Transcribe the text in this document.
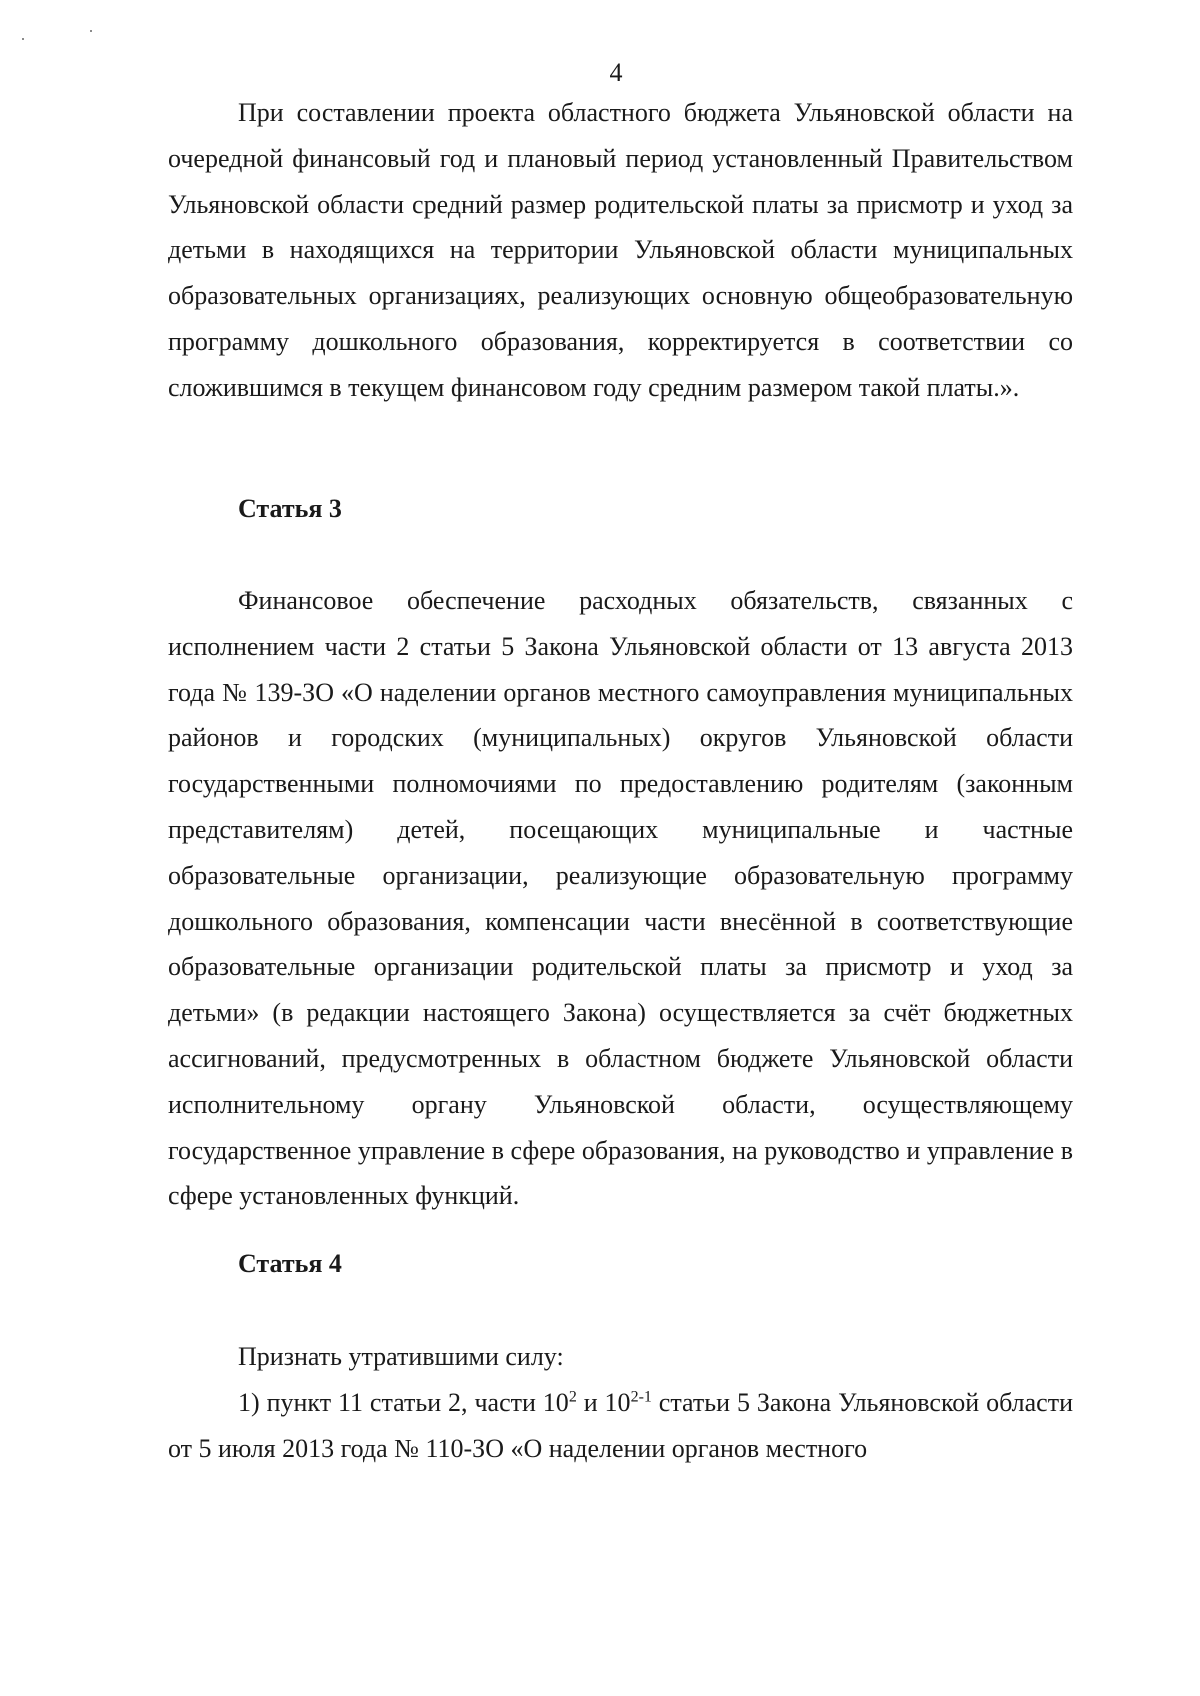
4

При составлении проекта областного бюджета Ульяновской области на очередной финансовый год и плановый период установленный Правительством Ульяновской области средний размер родительской платы за присмотр и уход за детьми в находящихся на территории Ульяновской области муниципальных образовательных организациях, реализующих основную общеобразовательную программу дошкольного образования, корректируется в соответствии со сложившимся в текущем финансовом году средним размером такой платы.».

Статья 3

Финансовое обеспечение расходных обязательств, связанных с исполнением части 2 статьи 5 Закона Ульяновской области от 13 августа 2013 года № 139-ЗО «О наделении органов местного самоуправления муниципальных районов и городских (муниципальных) округов Ульяновской области государственными полномочиями по предоставлению родителям (законным представителям) детей, посещающих муниципальные и частные образовательные организации, реализующие образовательную программу дошкольного образования, компенсации части внесённой в соответствующие образовательные организации родительской платы за присмотр и уход за детьми» (в редакции настоящего Закона) осуществляется за счёт бюджетных ассигнований, предусмотренных в областном бюджете Ульяновской области исполнительному органу Ульяновской области, осуществляющему государственное управление в сфере образования, на руководство и управление в сфере установленных функций.

Статья 4

Признать утратившими силу:

1) пункт 11 статьи 2, части $10^2$ и 10$^{2-1}$ статьи 5 Закона Ульяновской области от 5 июля 2013 года № 110-ЗО «О наделении органов местного
